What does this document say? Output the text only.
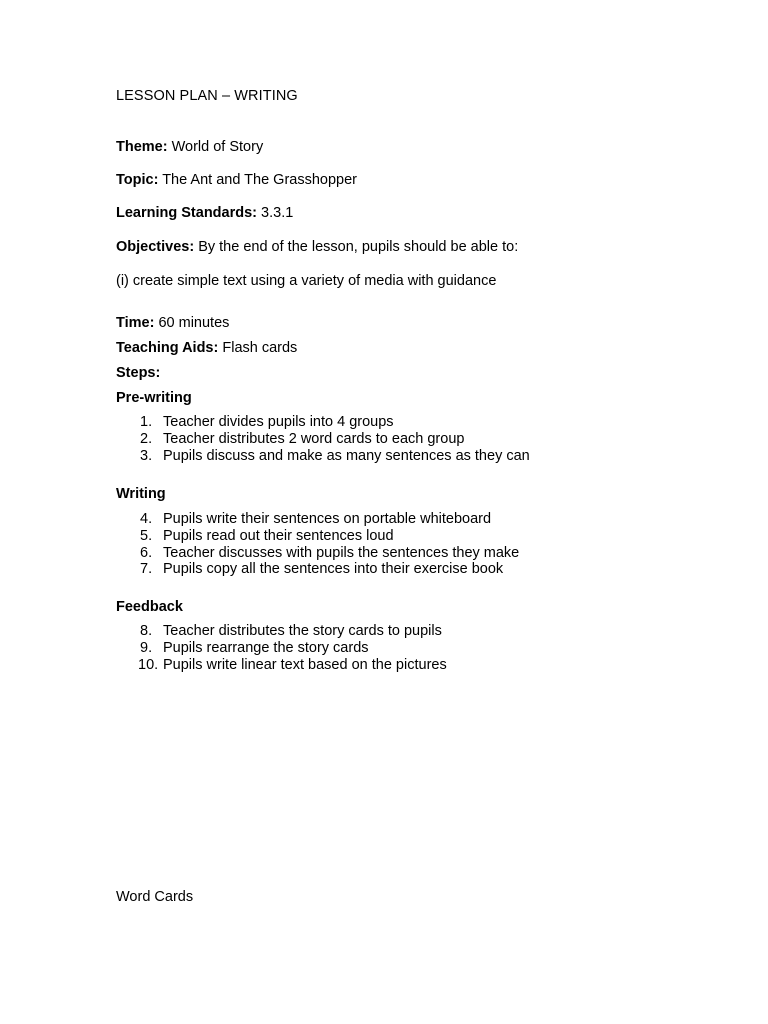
LESSON PLAN – WRITING
Theme: World of Story
Topic: The Ant and The Grasshopper
Learning Standards: 3.3.1
Objectives: By the end of the lesson, pupils should be able to:
(i) create simple text using a variety of media with guidance
Time: 60 minutes
Teaching Aids: Flash cards
Steps:
Pre-writing
1. Teacher divides pupils into 4 groups
2. Teacher distributes 2 word cards to each group
3. Pupils discuss and make as many sentences as they can
Writing
4. Pupils write their sentences on portable whiteboard
5. Pupils read out their sentences loud
6. Teacher discusses with pupils the sentences they make
7. Pupils copy all the sentences into their exercise book
Feedback
8. Teacher distributes the story cards to pupils
9. Pupils rearrange the story cards
10. Pupils write linear text based on the pictures
Word Cards
